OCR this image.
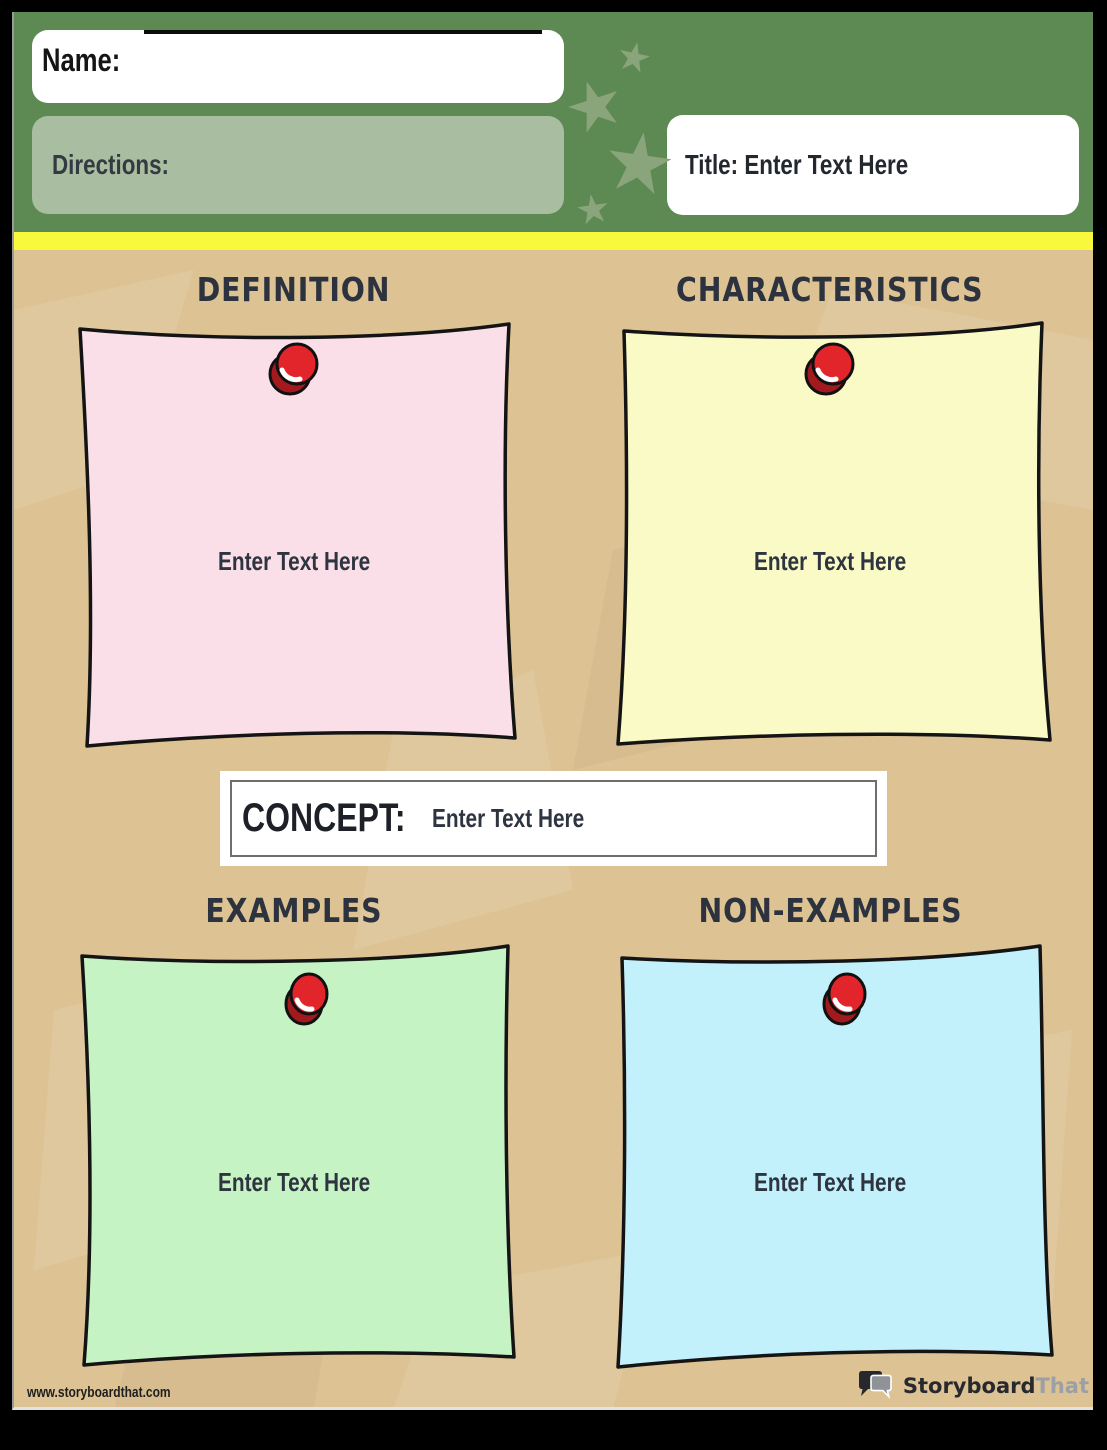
Name:
Directions:	Title: Enter Text Here
DEFINITION	CHARACTERISTICS
EXAMPLES	NON-EXAMPLES
Enter Text Here	Enter Text Here
CONCEPT:	Enter Text Here
Enter Text Here	Enter Text Here
www.storyboardthat.com	StoryboardThat
